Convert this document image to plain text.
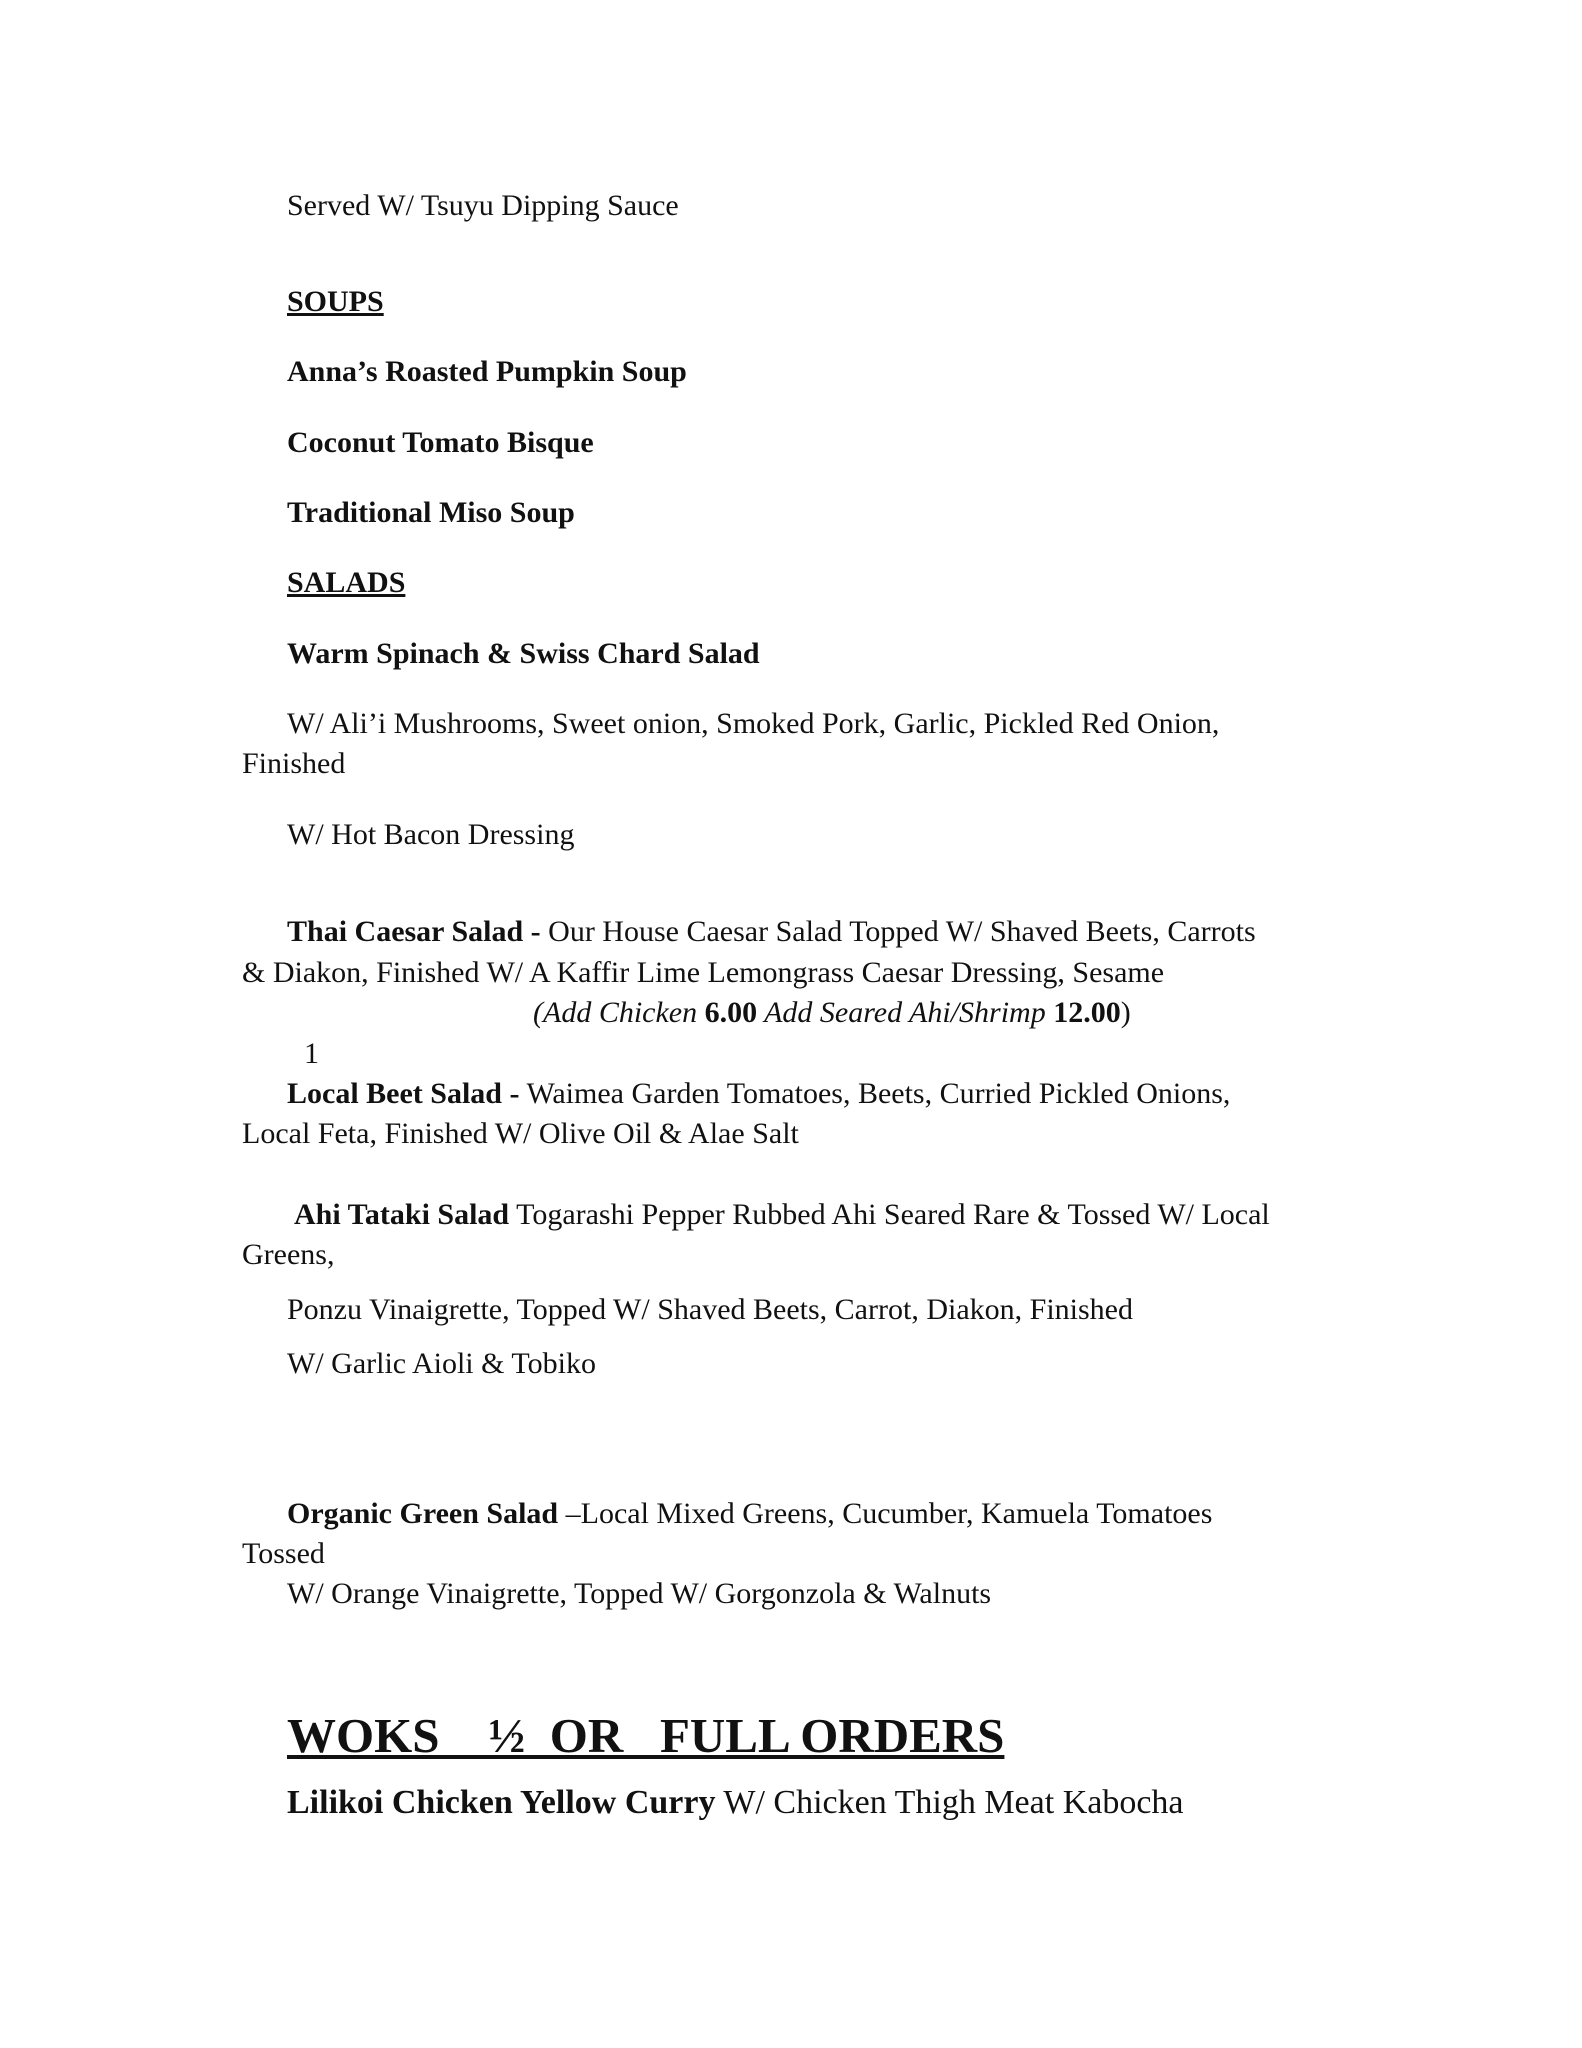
Served W/ Tsuyu Dipping Sauce
SOUPS
Anna’s Roasted Pumpkin Soup
Coconut Tomato Bisque
Traditional Miso Soup
SALADS
Warm Spinach & Swiss Chard Salad
W/ Ali’i Mushrooms, Sweet onion, Smoked Pork, Garlic, Pickled Red Onion,
Finished
W/ Hot Bacon Dressing
Thai Caesar Salad - Our House Caesar Salad Topped W/ Shaved Beets, Carrots
& Diakon, Finished W/ A Kaffir Lime Lemongrass Caesar Dressing, Sesame
(Add Chicken 6.00 Add Seared Ahi/Shrimp 12.00)
1
Local Beet Salad - Waimea Garden Tomatoes, Beets, Curried Pickled Onions,
Local Feta, Finished W/ Olive Oil & Alae Salt
Ahi Tataki Salad Togarashi Pepper Rubbed Ahi Seared Rare & Tossed W/ Local
Greens,
Ponzu Vinaigrette, Topped W/ Shaved Beets, Carrot, Diakon, Finished
W/ Garlic Aioli & Tobiko
Organic Green Salad –Local Mixed Greens, Cucumber, Kamuela Tomatoes
Tossed
W/ Orange Vinaigrette, Topped W/ Gorgonzola & Walnuts
WOKS    ½  OR   FULL ORDERS
Lilikoi Chicken Yellow Curry W/ Chicken Thigh Meat Kabocha
